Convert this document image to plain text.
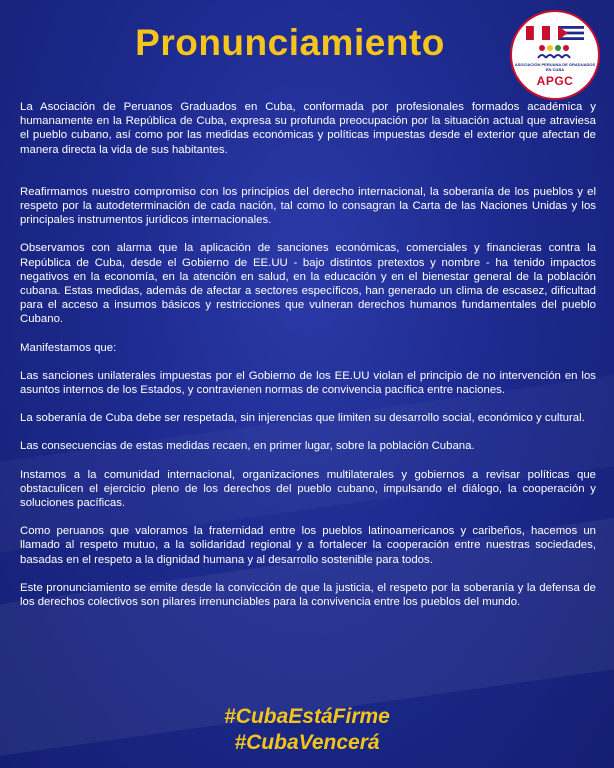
Pronunciamiento
ASOCIACIÓN PERUANA DE GRADUADOS EN CUBA
APGC

La Asociación de Peruanos Graduados en Cuba, conformada por profesionales formados académica y humanamente en la República de Cuba, expresa su profunda preocupación por la situación actual que atraviesa el pueblo cubano, así como por las medidas económicas y políticas impuestas desde el exterior que afectan de manera directa la vida de sus habitantes.

Reafirmamos nuestro compromiso con los principios del derecho internacional, la soberanía de los pueblos y el respeto por la autodeterminación de cada nación, tal como lo consagran la Carta de las Naciones Unidas y los principales instrumentos jurídicos internacionales.

Observamos con alarma que la aplicación de sanciones económicas, comerciales y financieras contra la República de Cuba, desde el Gobierno de EE.UU - bajo distintos pretextos y nombre - ha tenido impactos negativos en la economía, en la atención en salud, en la educación y en el bienestar general de la población cubana. Estas medidas, además de afectar a sectores específicos, han generado un clima de escasez, dificultad para el acceso a insumos básicos y restricciones que vulneran derechos humanos fundamentales del pueblo Cubano.

Manifestamos que:

Las sanciones unilaterales impuestas por el Gobierno de los EE.UU violan el principio de no intervención en los asuntos internos de los Estados, y contravienen normas de convivencia pacífica entre naciones.

La soberanía de Cuba debe ser respetada, sin injerencias que limiten su desarrollo social, económico y cultural.

Las consecuencias de estas medidas recaen, en primer lugar, sobre la población Cubana.

Instamos a la comunidad internacional, organizaciones multilaterales y gobiernos a revisar políticas que obstaculicen el ejercicio pleno de los derechos del pueblo cubano, impulsando el diálogo, la cooperación y soluciones pacíficas.

Como peruanos que valoramos la fraternidad entre los pueblos latinoamericanos y caribeños, hacemos un llamado al respeto mutuo, a la solidaridad regional y a fortalecer la cooperación entre nuestras sociedades, basadas en el respeto a la dignidad humana y al desarrollo sostenible para todos.

Este pronunciamiento se emite desde la convicción de que la justicia, el respeto por la soberanía y la defensa de los derechos colectivos son pilares irrenunciables para la convivencia entre los pueblos del mundo.

#CubaEstáFirme
#CubaVencerá
